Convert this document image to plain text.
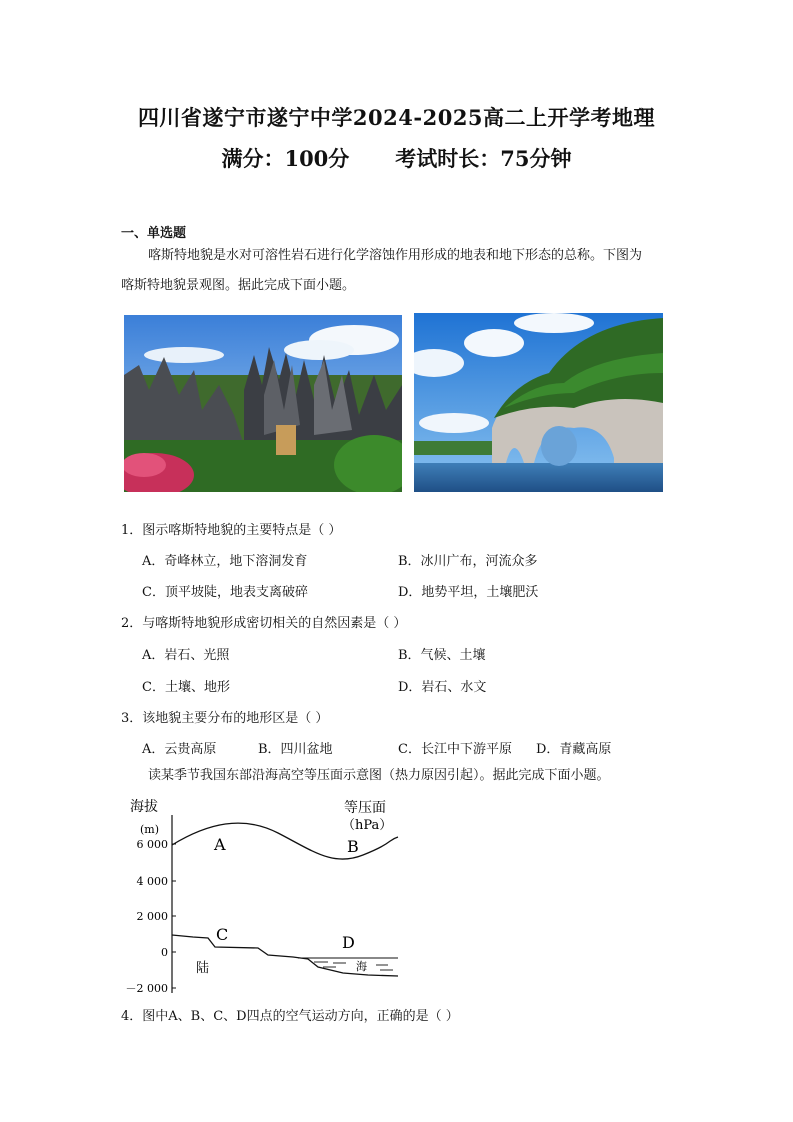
四川省遂宁市遂宁中学2024-2025高二上开学考地理
满分：100分 考试时长：75分钟
一、单选题
喀斯特地貌是水对可溶性岩石进行化学溶蚀作用形成的地表和地下形态的总称。下图为
喀斯特地貌景观图。据此完成下面小题。
1．图示喀斯特地貌的主要特点是（ ）
A．奇峰林立，地下溶洞发育	B．冰川广布，河流众多
C．顶平坡陡，地表支离破碎	D．地势平坦，土壤肥沃
2．与喀斯特地貌形成密切相关的自然因素是（ ）
A．岩石、光照	B．气候、土壤
C．土壤、地形	D．岩石、水文
3．该地貌主要分布的地形区是（ ）
A．云贵高原	B．四川盆地	C．长江中下游平原 D．青藏高原
读某季节我国东部沿海高空等压面示意图（热力原因引起）。据此完成下面小题。
海拔
(m)
等压面
（hPa）
6 000
4 000
2 000
0
－2 000
A	B
C	D
陆	海
4．图中A、B、C、D四点的空气运动方向，正确的是（ ）
